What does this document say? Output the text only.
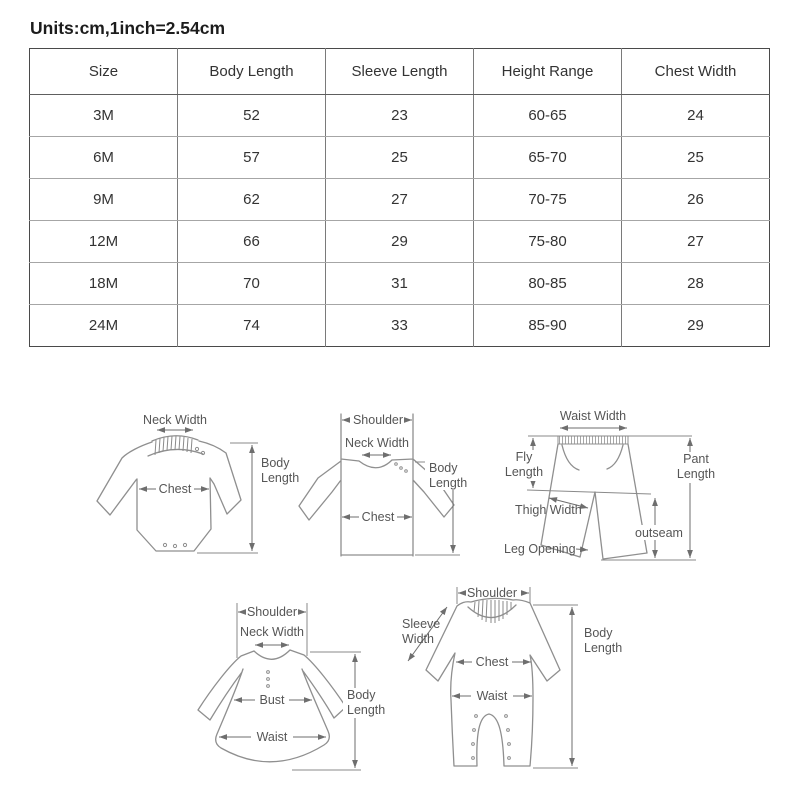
Units:cm,1inch=2.54cm
Size	Body Length	Sleeve Length	Height Range	Chest Width
3M	52	23	60-65	24
6M	57	25	65-70	25
9M	62	27	70-75	26
12M	66	29	75-80	27
18M	70	31	80-85	28
24M	74	33	85-90	29
Neck Width
Chest
Body Length
Shoulder
Neck Width
Chest
Body Length
Waist Width
Fly Length
Pant Length
Thigh Width
outseam
Leg Opening
Shoulder
Neck Width
Bust
Waist
Body Length
Shoulder
Sleeve Width
Chest
Waist
Body Length
